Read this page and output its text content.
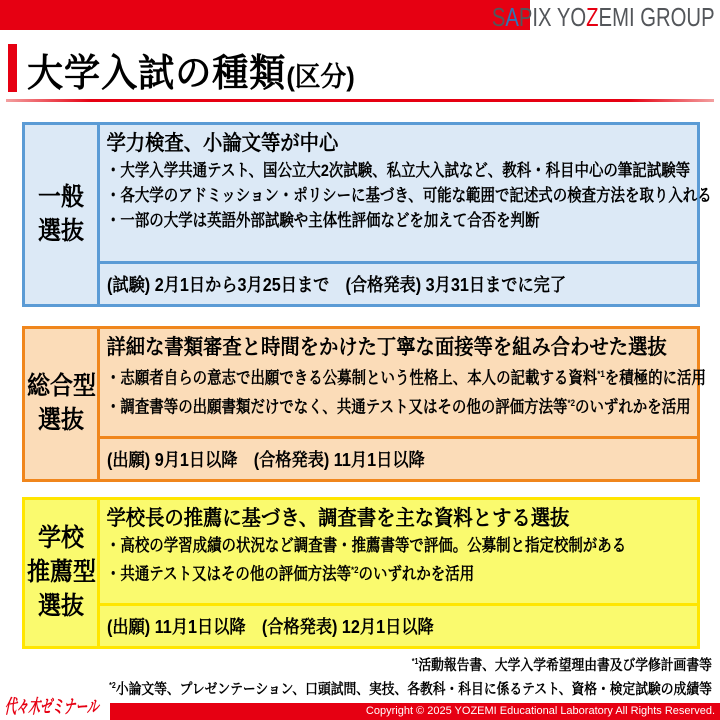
SAPIX YOZEMI GROUP
大学入試の種類(区分)
一般
選抜
学力検査、小論文等が中心
・大学入学共通テスト、国公立大2次試験、私立大入試など、教科・科目中心の筆記試験等
・各大学のアドミッション・ポリシーに基づき、可能な範囲で記述式の検査方法を取り入れる
・一部の大学は英語外部試験や主体性評価などを加えて合否を判断
(試験) 2月1日から3月25日まで　(合格発表) 3月31日までに完了
総合型
選抜
詳細な書類審査と時間をかけた丁寧な面接等を組み合わせた選抜
・志願者自らの意志で出願できる公募制という性格上、本人の記載する資料$^{*1}$を積極的に活用
・調査書等の出願書類だけでなく、共通テスト又はその他の評価方法等$^{*2}$のいずれかを活用
(出願) 9月1日以降　(合格発表) 11月1日以降
学校
推薦型
選抜
学校長の推薦に基づき、調査書を主な資料とする選抜
・高校の学習成績の状況など調査書・推薦書等で評価。公募制と指定校制がある
・共通テスト又はその他の評価方法等$^{*2}$のいずれかを活用
(出願) 11月1日以降　(合格発表) 12月1日以降
$^{*1}$活動報告書、大学入学希望理由書及び学修計画書等
$^{*2}$小論文等、プレゼンテーション、口頭試問、実技、各教科・科目に係るテスト、資格・検定試験の成績等
代々木ゼミナール	Copyright © 2025 YOZEMI Educational Laboratory All Rights Reserved.
